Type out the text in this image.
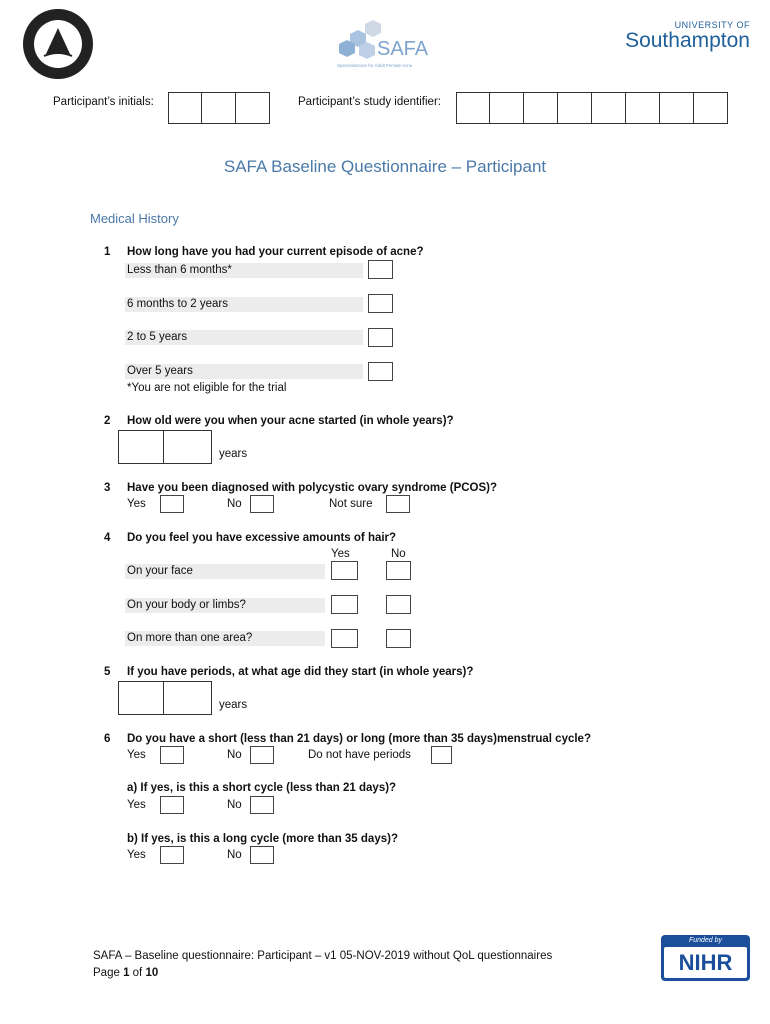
SAFA
Spironolactone for Adult Female Acne
UNIVERSITY OF
Southampton
Participant’s initials:	Participant’s study identifier:
SAFA Baseline Questionnaire – Participant
Medical History
1 How long have you had your current episode of acne?
Less than 6 months*
6 months to 2 years
2 to 5 years
Over 5 years
*You are not eligible for the trial
2 How old were you when your acne started (in whole years)?
years
3 Have you been diagnosed with polycystic ovary syndrome (PCOS)?
Yes	No	Not sure
4 Do you feel you have excessive amounts of hair?
Yes	No
On your face
On your body or limbs?
On more than one area?
5 If you have periods, at what age did they start (in whole years)?
years
6 Do you have a short (less than 21 days) or long (more than 35 days)menstrual cycle?
Yes	No	Do not have periods
a) If yes, is this a short cycle (less than 21 days)?
Yes	No
b) If yes, is this a long cycle (more than 35 days)?
Yes	No
SAFA – Baseline questionnaire: Participant – v1 05-NOV-2019 without QoL questionnaires
Page 1 of 10
Funded by
NIHR
